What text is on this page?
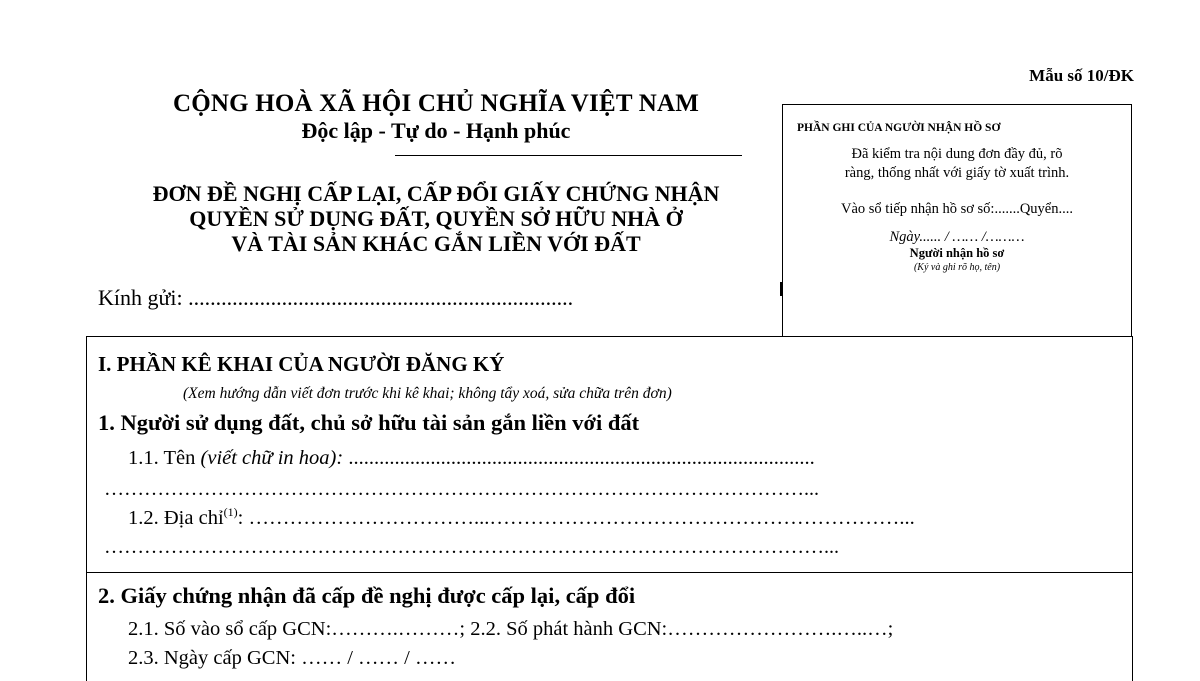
Mẫu số 10/ĐK
CỘNG HOÀ XÃ HỘI CHỦ NGHĨA VIỆT NAM
Độc lập - Tự do - Hạnh phúc
ĐƠN ĐỀ NGHỊ CẤP LẠI, CẤP ĐỔI GIẤY CHỨNG NHẬN
QUYỀN SỬ DỤNG ĐẤT, QUYỀN SỞ HỮU NHÀ Ở
VÀ TÀI SẢN KHÁC GẮN LIỀN VỚI ĐẤT
Kính gửi: ......................................................................
PHẦN GHI CỦA NGƯỜI NHẬN HỒ SƠ
Đã kiểm tra nội dung đơn đầy đủ, rõ
ràng, thống nhất với giấy tờ xuất trình.
Vào sổ tiếp nhận hồ sơ số:.......Quyển....
Ngày...... / …… /………
Người nhận hồ sơ
(Ký và ghi rõ họ, tên)
I. PHẦN KÊ KHAI CỦA NGƯỜI ĐĂNG KÝ
(Xem hướng dẫn viết đơn trước khi kê khai; không tẩy xoá, sửa chữa trên đơn)
1. Người sử dụng đất, chủ sở hữu tài sản gắn liền với đất
1.1. Tên (viết chữ in hoa): ...........................................................................................
……………………………………………………………………………………………...
1.2. Địa chỉ$^{(1)}$: ……………………………...……………………………………………………...
………………………………………………………………………………………………...
2. Giấy chứng nhận đã cấp đề nghị được cấp lại, cấp đổi
2.1. Số vào sổ cấp GCN:……….………; 2.2. Số phát hành GCN:…………………….…..…;
2.3. Ngày cấp GCN: …… / …… / ……
